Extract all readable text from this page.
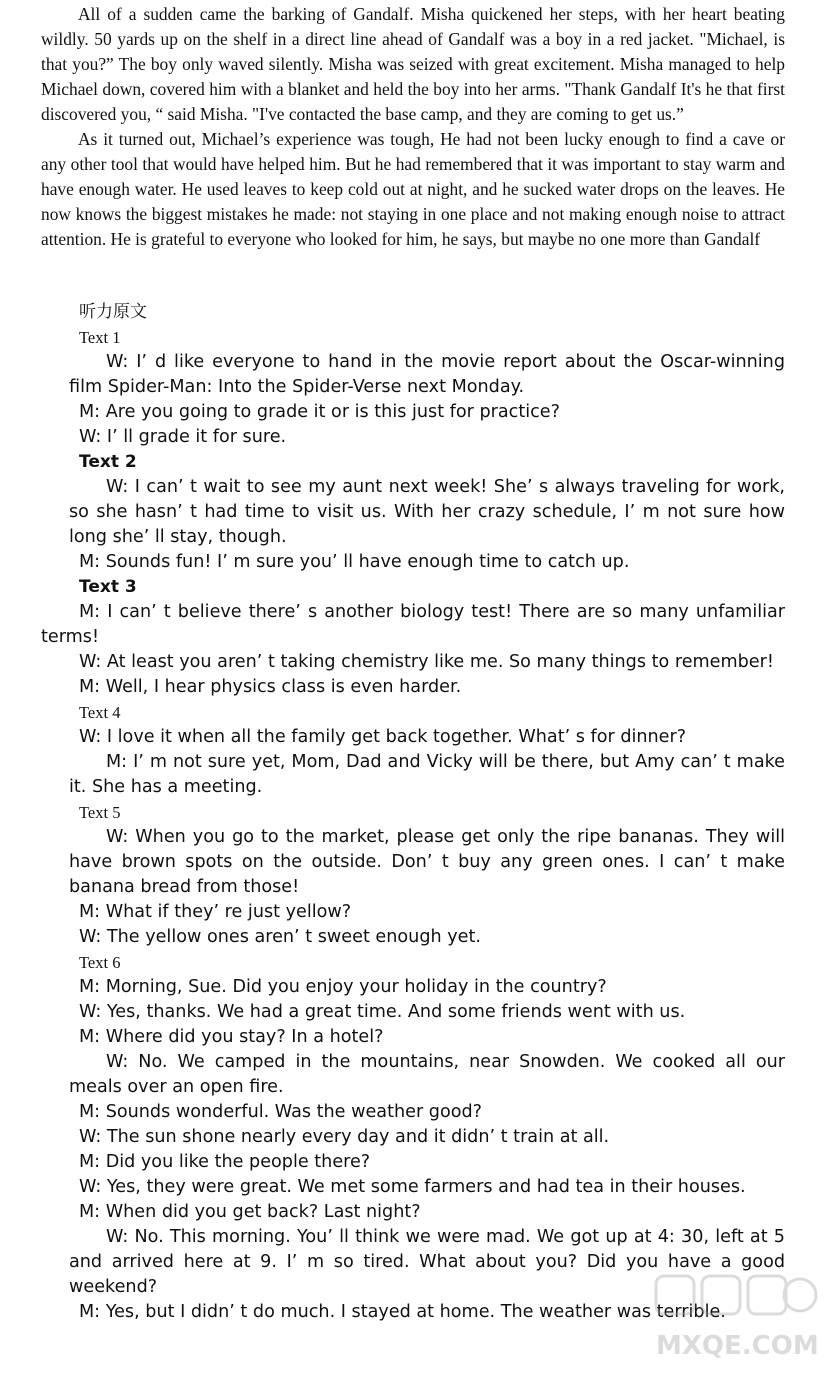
All of a sudden came the barking of Gandalf. Misha quickened her steps, with her heart beating wildly. 50 yards up on the shelf in a direct line ahead of Gandalf was a boy in a red jacket. "Michael, is that you?” The boy only waved silently. Misha was seized with great excitement. Misha managed to help Michael down, covered him with a blanket and held the boy into her arms. "Thank Gandalf It's he that first discovered you, “ said Misha. "I've contacted the base camp, and they are coming to get us.”

As it turned out, Michael’s experience was tough, He had not been lucky enough to find a cave or any other tool that would have helped him. But he had remembered that it was important to stay warm and have enough water. He used leaves to keep cold out at night, and he sucked water drops on the leaves. He now knows the biggest mistakes he made: not staying in one place and not making enough noise to attract attention. He is grateful to everyone who looked for him, he says, but maybe no one more than Gandalf

听力原文
Text 1
W: I’ d like everyone to hand in the movie report about the Oscar-winning film Spider-Man: Into the Spider-Verse next Monday.
M: Are you going to grade it or is this just for practice?
W: I’ ll grade it for sure.
Text 2
W: I can’ t wait to see my aunt next week! She’ s always traveling for work, so she hasn’ t had time to visit us. With her crazy schedule, I’ m not sure how long she’ ll stay, though.
M: Sounds fun! I’ m sure you’ ll have enough time to catch up.
Text 3
M: I can’ t believe there’ s another biology test! There are so many unfamiliar terms!
W: At least you aren’ t taking chemistry like me. So many things to remember!
M: Well, I hear physics class is even harder.
Text 4
W: I love it when all the family get back together. What’ s for dinner?
M: I’ m not sure yet, Mom, Dad and Vicky will be there, but Amy can’ t make it. She has a meeting.
Text 5
W: When you go to the market, please get only the ripe bananas. They will have brown spots on the outside. Don’ t buy any green ones. I can’ t make banana bread from those!
M: What if they’ re just yellow?
W: The yellow ones aren’ t sweet enough yet.
Text 6
M: Morning, Sue. Did you enjoy your holiday in the country?
W: Yes, thanks. We had a great time. And some friends went with us.
M: Where did you stay? In a hotel?
W: No. We camped in the mountains, near Snowden. We cooked all our meals over an open fire.
M: Sounds wonderful. Was the weather good?
W: The sun shone nearly every day and it didn’ t train at all.
M: Did you like the people there?
W: Yes, they were great. We met some farmers and had tea in their houses.
M: When did you get back? Last night?
W: No. This morning. You’ ll think we were mad. We got up at 4: 30, left at 5 and arrived here at 9. I’ m so tired. What about you? Did you have a good weekend?
M: Yes, but I didn’ t do much. I stayed at home. The weather was terrible.
MXQE.COM
